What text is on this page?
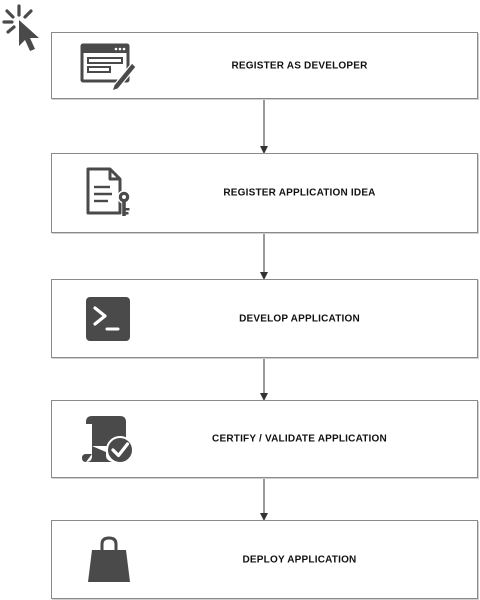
REGISTER AS DEVELOPER
REGISTER APPLICATION IDEA
DEVELOP APPLICATION
CERTIFY / VALIDATE APPLICATION
DEPLOY APPLICATION
